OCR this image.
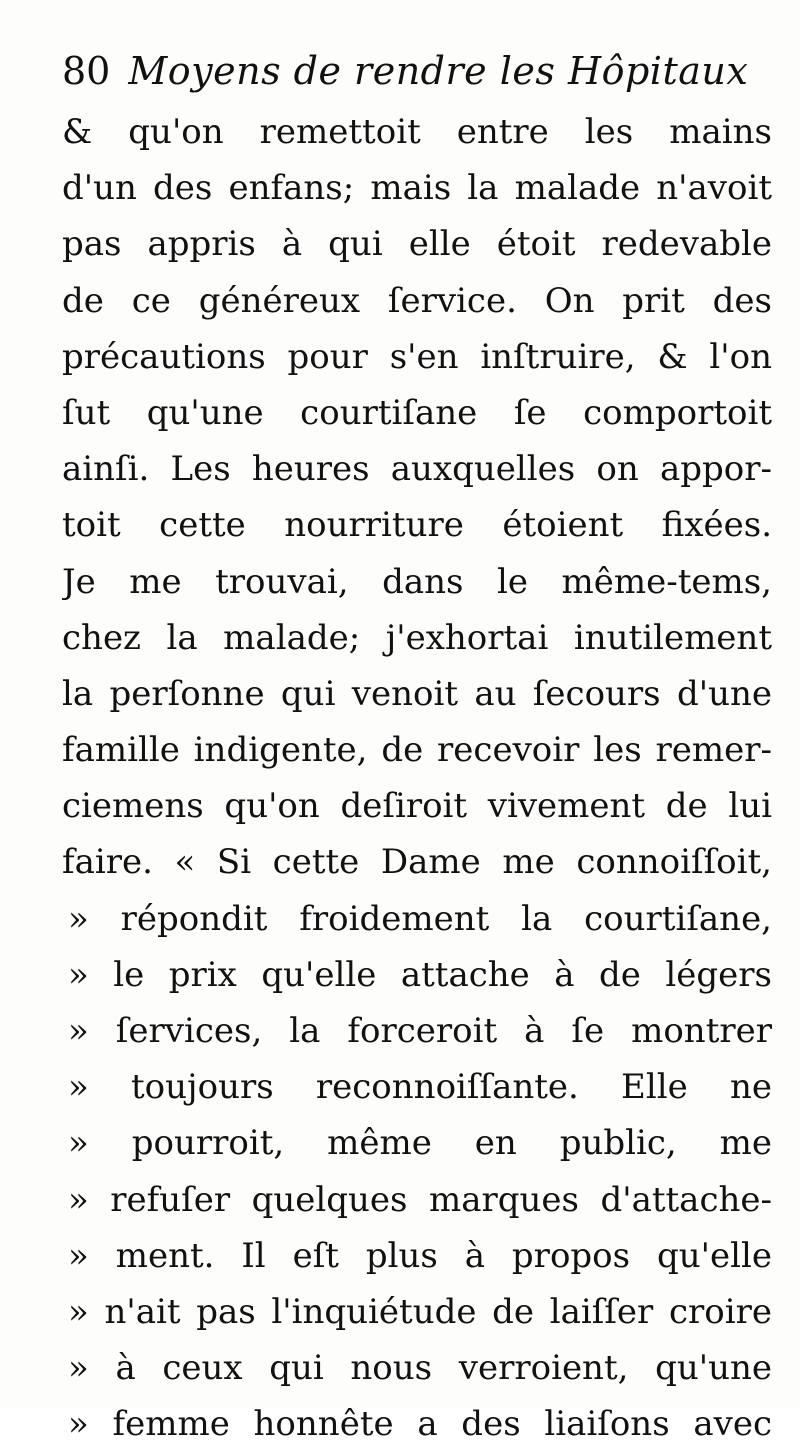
80 Moyens de rendre les Hôpitaux
& qu'on remettoit entre les mains
d'un des enfans; mais la malade n'avoit
pas appris à qui elle étoit redevable
de ce généreux ſervice. On prit des
précautions pour s'en inſtruire, & l'on
ſut qu'une courtiſane ſe comportoit
ainſi. Les heures auxquelles on appor-
toit cette nourriture étoient fixées.
Je me trouvai, dans le même-tems,
chez la malade; j'exhortai inutilement
la perſonne qui venoit au ſecours d'une
famille indigente, de recevoir les remer-
ciemens qu'on deſiroit vivement de lui
faire. « Si cette Dame me connoiſſoit,
» répondit froidement la courtiſane,
» le prix qu'elle attache à de légers
» ſervices, la forceroit à ſe montrer
» toujours reconnoiſſante. Elle ne
» pourroit, même en public, me
» refuſer quelques marques d'attache-
» ment. Il eſt plus à propos qu'elle
» n'ait pas l'inquiétude de laiſſer croire
» à ceux qui nous verroient, qu'une
» femme honnête a des liaiſons avec
